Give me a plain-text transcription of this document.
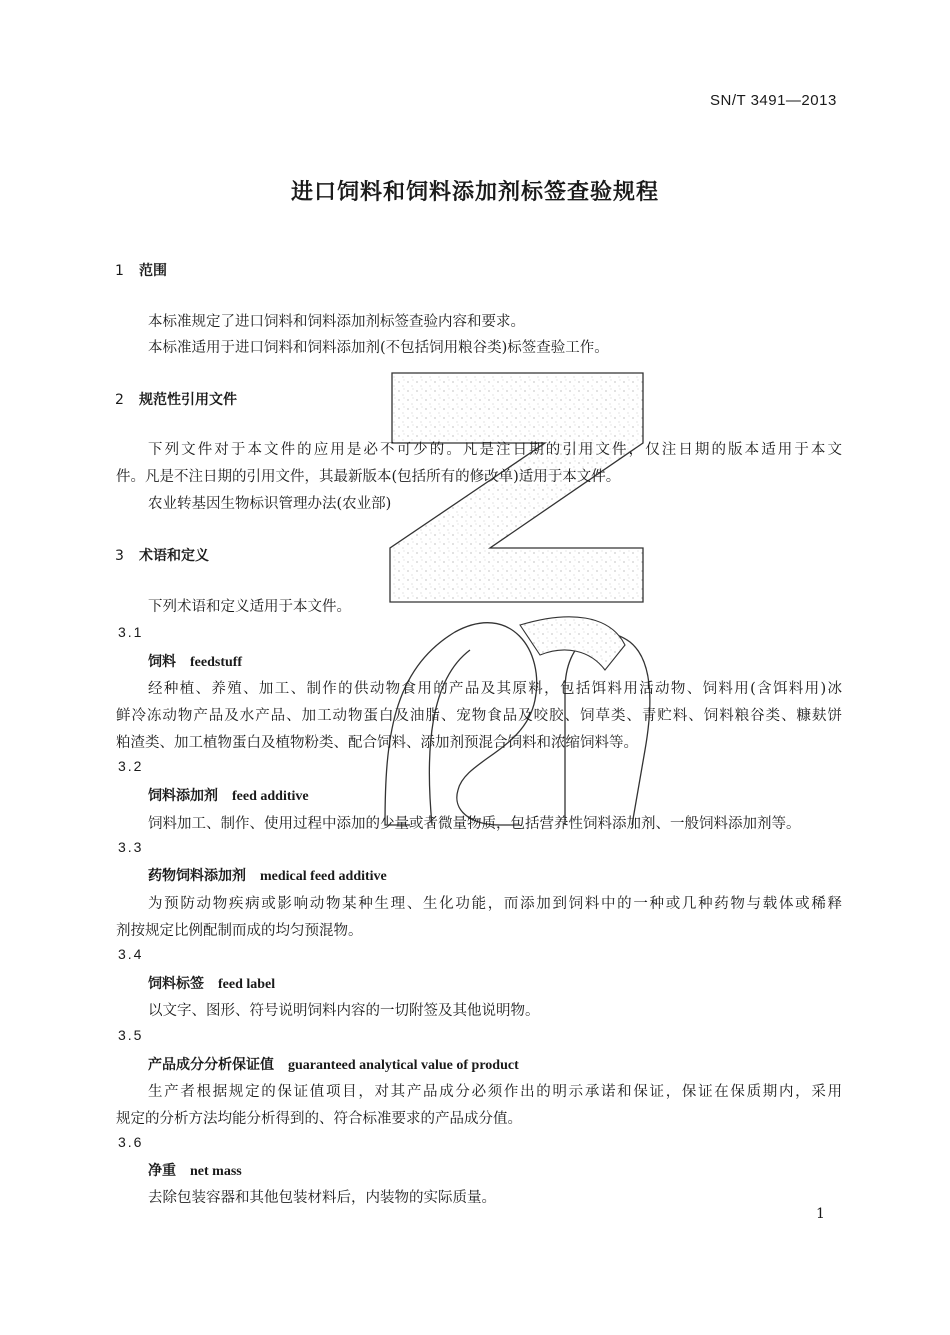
SN/T 3491—2013
进口饲料和饲料添加剂标签查验规程
1 范围
本标准规定了进口饲料和饲料添加剂标签查验内容和要求。
本标准适用于进口饲料和饲料添加剂(不包括饲用粮谷类)标签查验工作。
2 规范性引用文件
下列文件对于本文件的应用是必不可少的。凡是注日期的引用文件，仅注日期的版本适用于本文
件。凡是不注日期的引用文件，其最新版本(包括所有的修改单)适用于本文件。
农业转基因生物标识管理办法(农业部)
3 术语和定义
下列术语和定义适用于本文件。
3.1
饲料 feedstuff
经种植、养殖、加工、制作的供动物食用的产品及其原料，包括饵料用活动物、饲料用(含饵料用)冰
鲜冷冻动物产品及水产品、加工动物蛋白及油脂、宠物食品及咬胶、饲草类、青贮料、饲料粮谷类、糠麸饼
粕渣类、加工植物蛋白及植物粉类、配合饲料、添加剂预混合饲料和浓缩饲料等。
3.2
饲料添加剂 feed additive
饲料加工、制作、使用过程中添加的少量或者微量物质，包括营养性饲料添加剂、一般饲料添加剂等。
3.3
药物饲料添加剂 medical feed additive
为预防动物疾病或影响动物某种生理、生化功能，而添加到饲料中的一种或几种药物与载体或稀释
剂按规定比例配制而成的均匀预混物。
3.4
饲料标签 feed label
以文字、图形、符号说明饲料内容的一切附签及其他说明物。
3.5
产品成分分析保证值 guaranteed analytical value of product
生产者根据规定的保证值项目，对其产品成分必须作出的明示承诺和保证，保证在保质期内，采用
规定的分析方法均能分析得到的、符合标准要求的产品成分值。
3.6
净重 net mass
去除包装容器和其他包装材料后，内装物的实际质量。
1
